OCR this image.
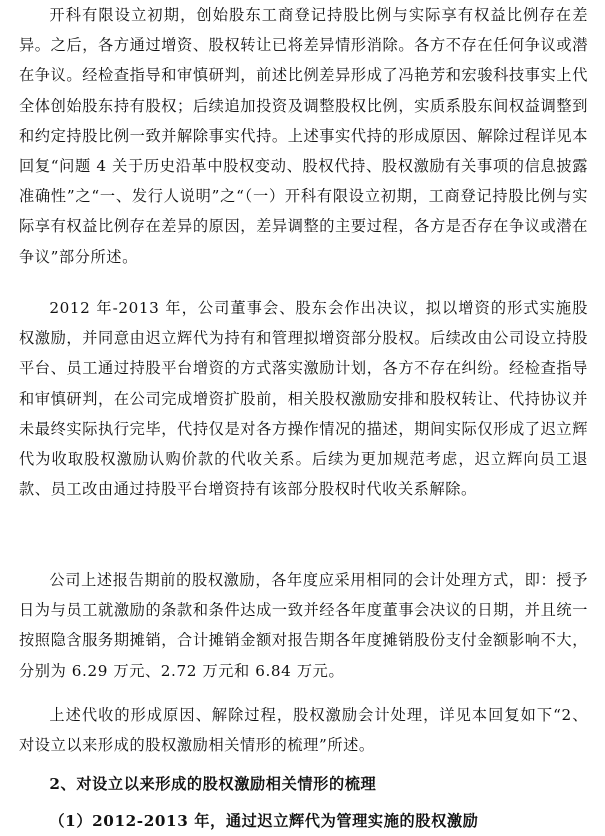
开科有限设立初期，创始股东工商登记持股比例与实际享有权益比例存在差异。之后，各方通过增资、股权转让已将差异情形消除。各方不存在任何争议或潜在争议。经检查指导和审慎研判，前述比例差异形成了冯艳芳和宏骏科技事实上代全体创始股东持有股权；后续追加投资及调整股权比例，实质系股东间权益调整到和约定持股比例一致并解除事实代持。上述事实代持的形成原因、解除过程详见本回复“问题 4 关于历史沿革中股权变动、股权代持、股权激励有关事项的信息披露准确性”之“一、发行人说明”之“（一）开科有限设立初期，工商登记持股比例与实际享有权益比例存在差异的原因，差异调整的主要过程，各方是否存在争议或潜在争议”部分所述。

2012 年-2013 年，公司董事会、股东会作出决议，拟以增资的形式实施股权激励，并同意由迟立辉代为持有和管理拟增资部分股权。后续改由公司设立持股平台、员工通过持股平台增资的方式落实激励计划，各方不存在纠纷。经检查指导和审慎研判，在公司完成增资扩股前，相关股权激励安排和股权转让、代持协议并未最终实际执行完毕，代持仅是对各方操作情况的描述，期间实际仅形成了迟立辉代为收取股权激励认购价款的代收关系。后续为更加规范考虑，迟立辉向员工退款、员工改由通过持股平台增资持有该部分股权时代收关系解除。

公司上述报告期前的股权激励，各年度应采用相同的会计处理方式，即：授予日为与员工就激励的条款和条件达成一致并经各年度董事会决议的日期，并且统一按照隐含服务期摊销，合计摊销金额对报告期各年度摊销股份支付金额影响不大，分别为 6.29 万元、2.72 万元和 6.84 万元。

上述代收的形成原因、解除过程，股权激励会计处理，详见本回复如下“2、对设立以来形成的股权激励相关情形的梳理”所述。

2、对设立以来形成的股权激励相关情形的梳理

（1）2012-2013 年，通过迟立辉代为管理实施的股权激励
